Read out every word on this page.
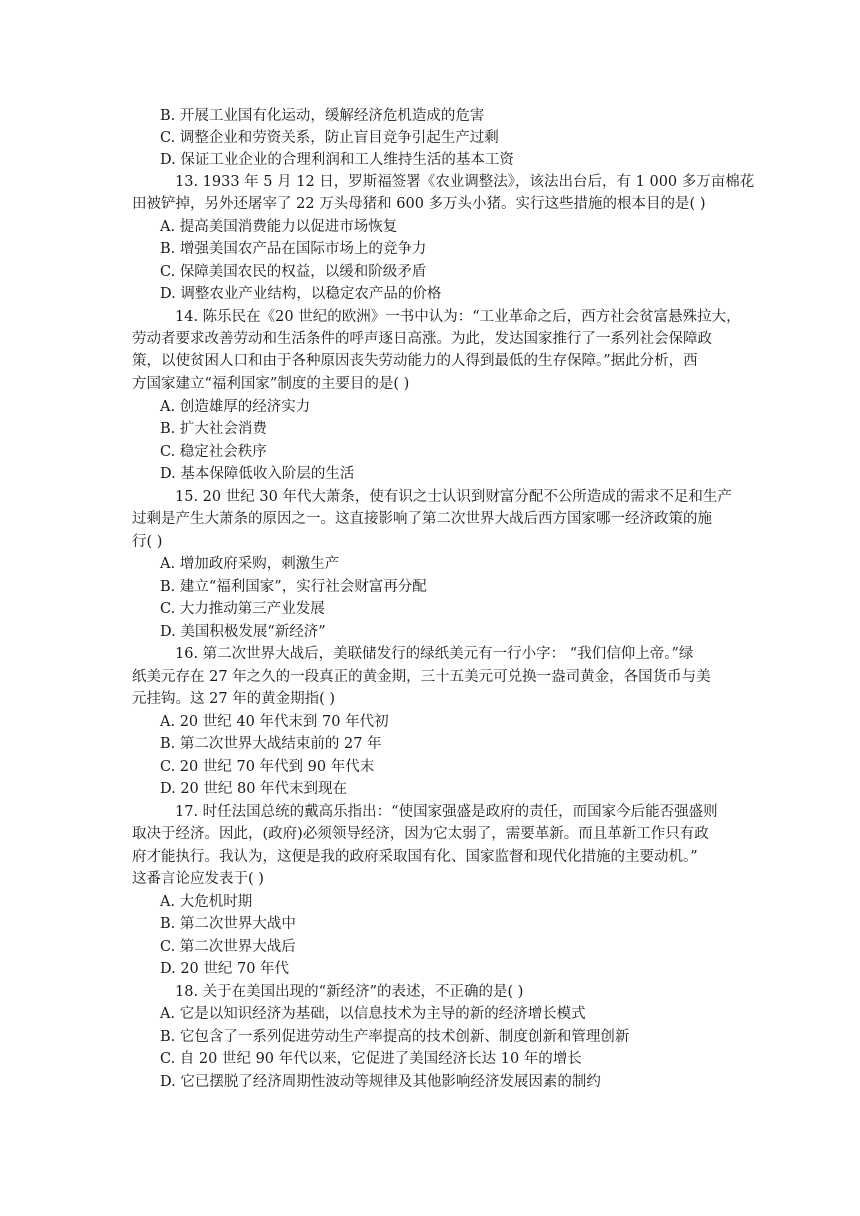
B. 开展工业国有化运动，缓解经济危机造成的危害
C. 调整企业和劳资关系，防止盲目竞争引起生产过剩
D. 保证工业企业的合理利润和工人维持生活的基本工资
13. 1933 年 5 月 12 日，罗斯福签署《农业调整法》，该法出台后，有 1 000 多万亩棉花
田被铲掉，另外还屠宰了 22 万头母猪和 600 多万头小猪。实行这些措施的根本目的是( )
A. 提高美国消费能力以促进市场恢复
B. 增强美国农产品在国际市场上的竞争力
C. 保障美国农民的权益，以缓和阶级矛盾
D. 调整农业产业结构，以稳定农产品的价格
14. 陈乐民在《20 世纪的欧洲》一书中认为：“工业革命之后，西方社会贫富悬殊拉大，
劳动者要求改善劳动和生活条件的呼声逐日高涨。为此，发达国家推行了一系列社会保障政
策，以使贫困人口和由于各种原因丧失劳动能力的人得到最低的生存保障。”据此分析，西
方国家建立“福利国家”制度的主要目的是( )
A. 创造雄厚的经济实力
B. 扩大社会消费
C. 稳定社会秩序
D. 基本保障低收入阶层的生活
15. 20 世纪 30 年代大萧条，使有识之士认识到财富分配不公所造成的需求不足和生产
过剩是产生大萧条的原因之一。这直接影响了第二次世界大战后西方国家哪一经济政策的施
行( )
A. 增加政府采购，刺激生产
B. 建立“福利国家”，实行社会财富再分配
C. 大力推动第三产业发展
D. 美国积极发展“新经济”
16. 第二次世界大战后，美联储发行的绿纸美元有一行小字： “我们信仰上帝。”绿
纸美元存在 27 年之久的一段真正的黄金期，三十五美元可兑换一盎司黄金，各国货币与美
元挂钩。这 27 年的黄金期指( )
A. 20 世纪 40 年代末到 70 年代初
B. 第二次世界大战结束前的 27 年
C. 20 世纪 70 年代到 90 年代末
D. 20 世纪 80 年代末到现在
17. 时任法国总统的戴高乐指出：“使国家强盛是政府的责任，而国家今后能否强盛则
取决于经济。因此，(政府)必须领导经济，因为它太弱了，需要革新。而且革新工作只有政
府才能执行。我认为，这便是我的政府采取国有化、国家监督和现代化措施的主要动机。”
这番言论应发表于( )
A. 大危机时期
B. 第二次世界大战中
C. 第二次世界大战后
D. 20 世纪 70 年代
18. 关于在美国出现的“新经济”的表述，不正确的是( )
A. 它是以知识经济为基础，以信息技术为主导的新的经济增长模式
B. 它包含了一系列促进劳动生产率提高的技术创新、制度创新和管理创新
C. 自 20 世纪 90 年代以来，它促进了美国经济长达 10 年的增长
D. 它已摆脱了经济周期性波动等规律及其他影响经济发展因素的制约
